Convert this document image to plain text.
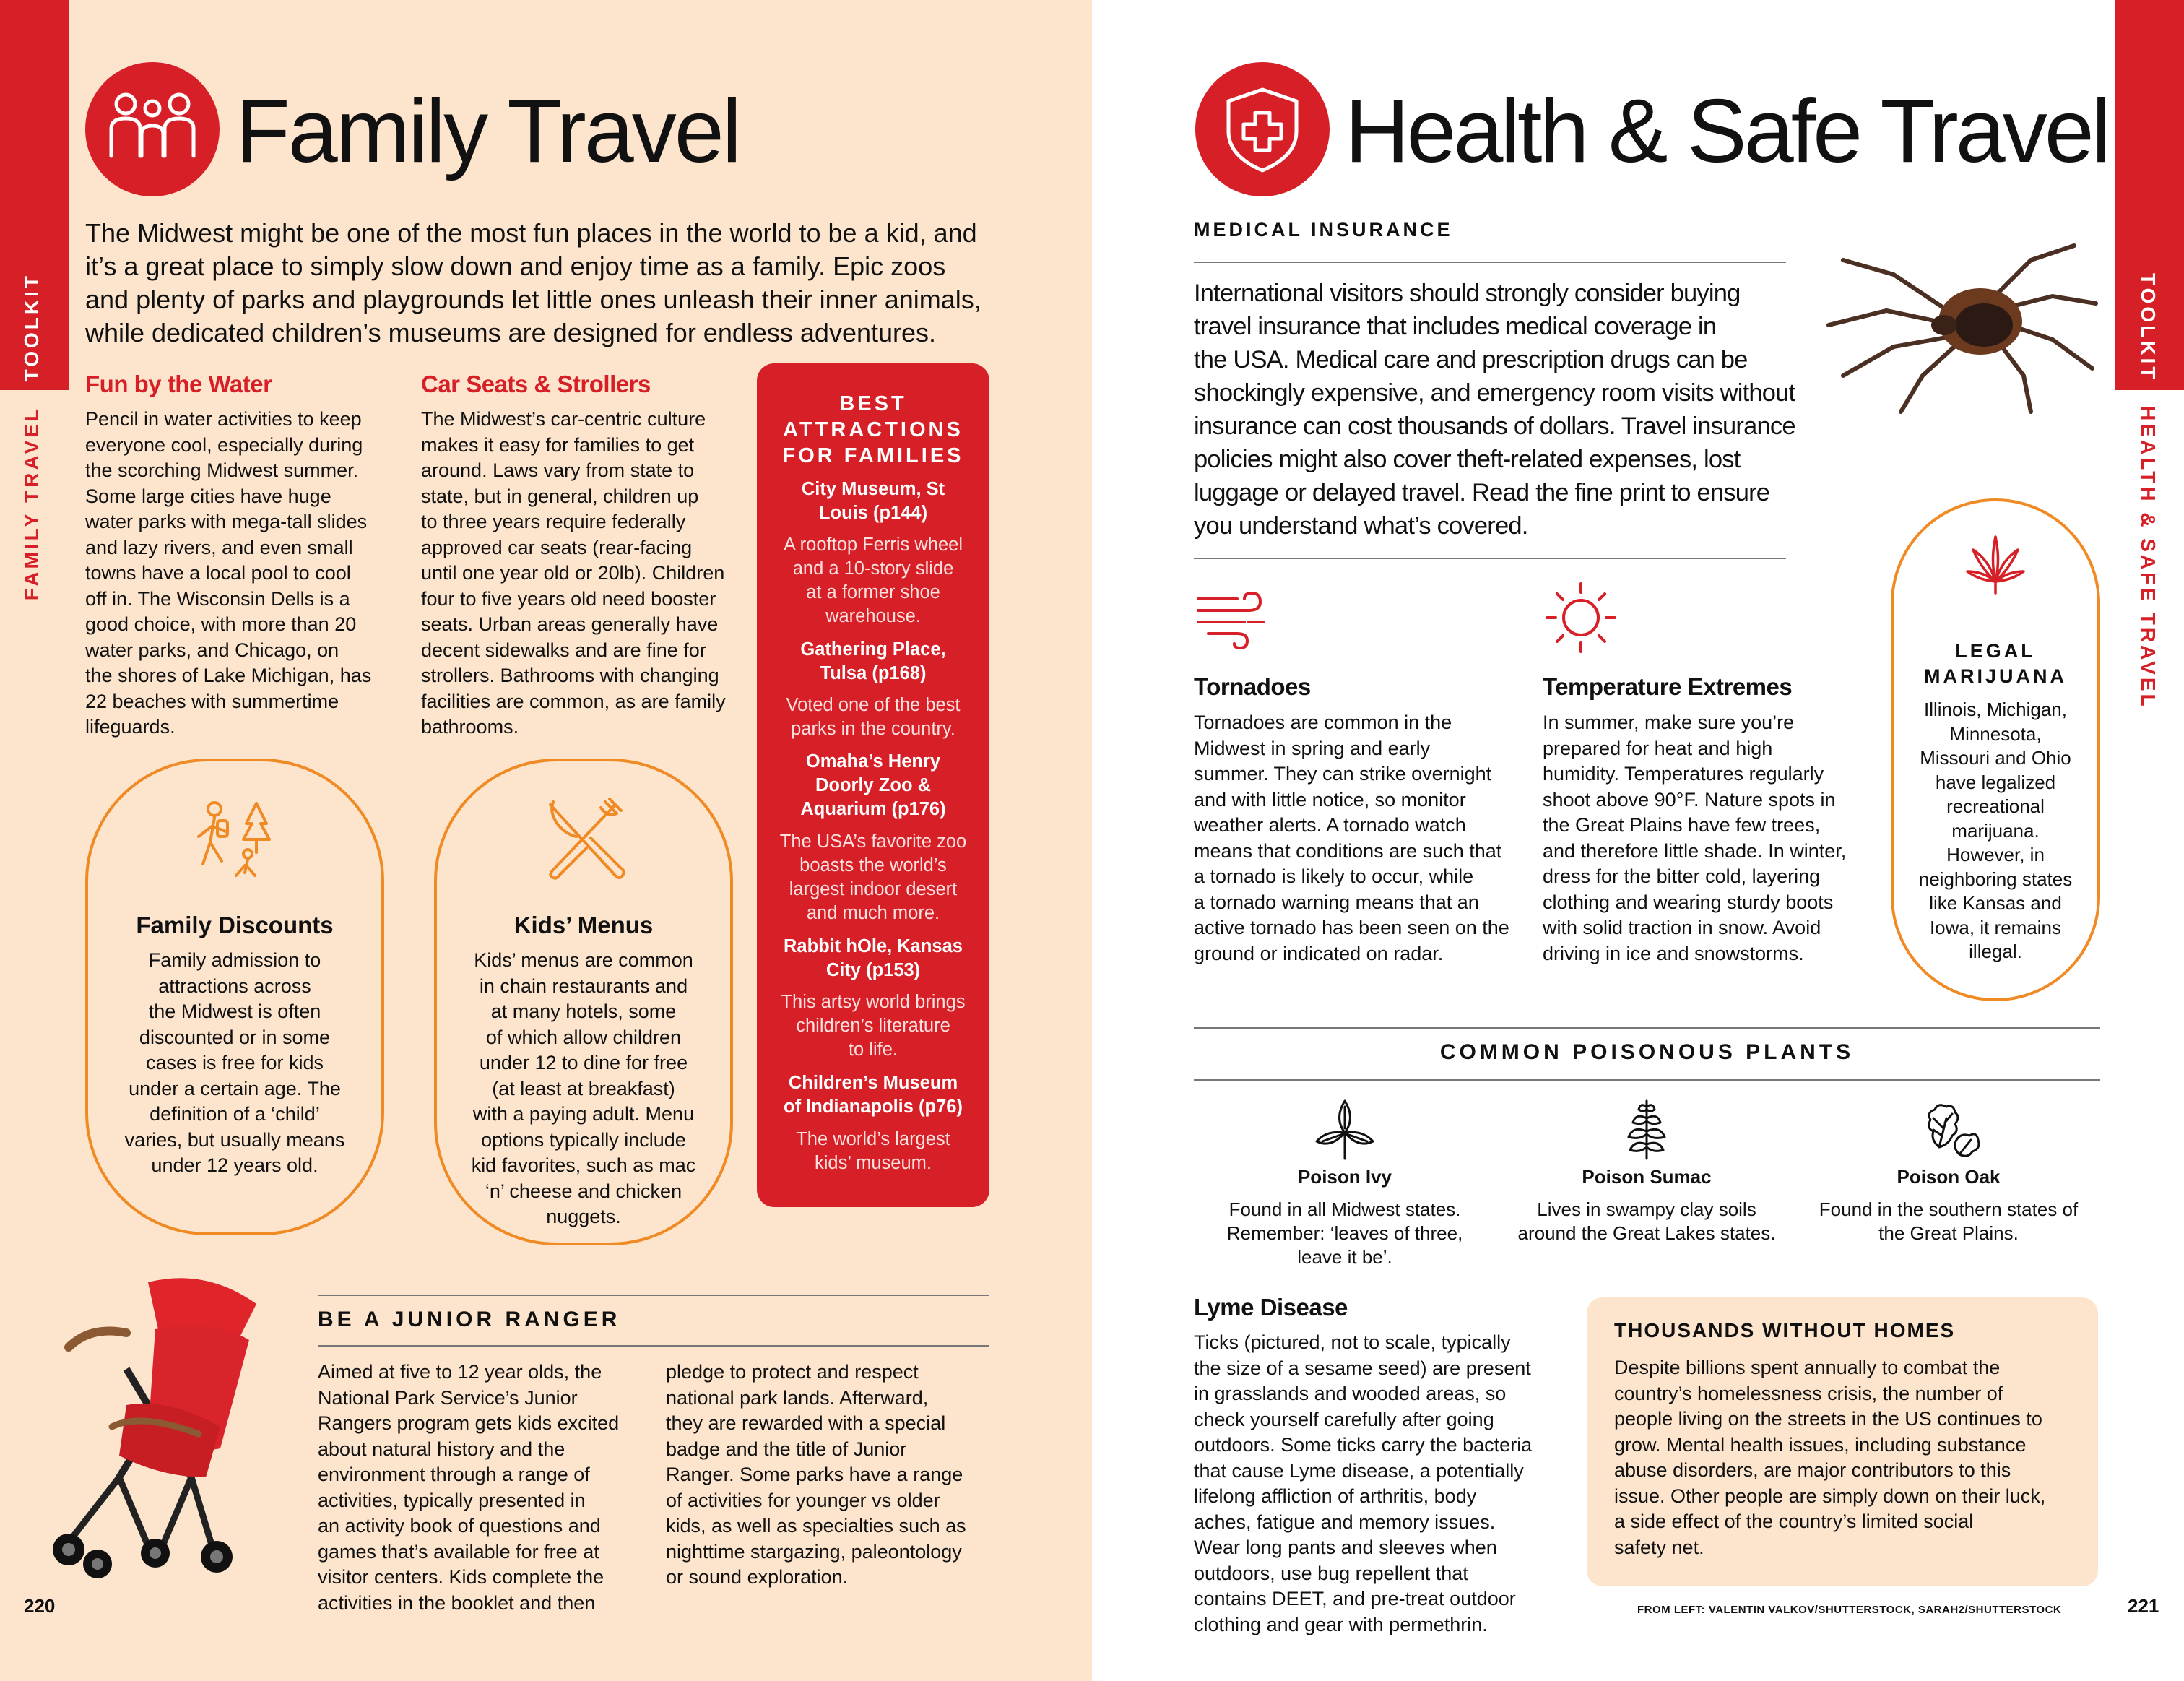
TOOLKIT
FAMILY TRAVEL
Family Travel
The Midwest might be one of the most fun places in the world to be a kid, and
it’s a great place to simply slow down and enjoy time as a family. Epic zoos
and plenty of parks and playgrounds let little ones unleash their inner animals,
while dedicated children’s museums are designed for endless adventures.
Fun by the Water
Pencil in water activities to keep
everyone cool, especially during
the scorching Midwest summer.
Some large cities have huge
water parks with mega-tall slides
and lazy rivers, and even small
towns have a local pool to cool
off in. The Wisconsin Dells is a
good choice, with more than 20
water parks, and Chicago, on
the shores of Lake Michigan, has
22 beaches with summertime
lifeguards.
Car Seats & Strollers
The Midwest’s car-centric culture
makes it easy for families to get
around. Laws vary from state to
state, but in general, children up
to three years require federally
approved car seats (rear-facing
until one year old or 20lb). Children
four to five years old need booster
seats. Urban areas generally have
decent sidewalks and are fine for
strollers. Bathrooms with changing
facilities are common, as are family
bathrooms.
BEST
ATTRACTIONS
FOR FAMILIES
City Museum, St
Louis (p144)
A rooftop Ferris wheel
and a 10-story slide
at a former shoe
warehouse.
Gathering Place,
Tulsa (p168)
Voted one of the best
parks in the country.
Omaha’s Henry
Doorly Zoo &
Aquarium (p176)
The USA’s favorite zoo
boasts the world’s
largest indoor desert
and much more.
Rabbit hOle, Kansas
City (p153)
This artsy world brings
children’s literature
to life.
Children’s Museum
of Indianapolis (p76)
The world’s largest
kids’ museum.
Family Discounts
Family admission to
attractions across
the Midwest is often
discounted or in some
cases is free for kids
under a certain age. The
definition of a ‘child’
varies, but usually means
under 12 years old.
Kids’ Menus
Kids’ menus are common
in chain restaurants and
at many hotels, some
of which allow children
under 12 to dine for free
(at least at breakfast)
with a paying adult. Menu
options typically include
kid favorites, such as mac
‘n’ cheese and chicken
nuggets.
BE A JUNIOR RANGER
Aimed at five to 12 year olds, the
National Park Service’s Junior
Rangers program gets kids excited
about natural history and the
environment through a range of
activities, typically presented in
an activity book of questions and
games that’s available for free at
visitor centers. Kids complete the
activities in the booklet and then
pledge to protect and respect
national park lands. Afterward,
they are rewarded with a special
badge and the title of Junior
Ranger. Some parks have a range
of activities for younger vs older
kids, as well as specialties such as
nighttime stargazing, paleontology
or sound exploration.
220
TOOLKIT
HEALTH & SAFE TRAVEL
Health & Safe Travel
MEDICAL INSURANCE
International visitors should strongly consider buying
travel insurance that includes medical coverage in
the USA. Medical care and prescription drugs can be
shockingly expensive, and emergency room visits without
insurance can cost thousands of dollars. Travel insurance
policies might also cover theft-related expenses, lost
luggage or delayed travel. Read the fine print to ensure
you understand what’s covered.
Tornadoes
Tornadoes are common in the
Midwest in spring and early
summer. They can strike overnight
and with little notice, so monitor
weather alerts. A tornado watch
means that conditions are such that
a tornado is likely to occur, while
a tornado warning means that an
active tornado has been seen on the
ground or indicated on radar.
Temperature Extremes
In summer, make sure you’re
prepared for heat and high
humidity. Temperatures regularly
shoot above 90°F. Nature spots in
the Great Plains have few trees,
and therefore little shade. In winter,
dress for the bitter cold, layering
clothing and wearing sturdy boots
with solid traction in snow. Avoid
driving in ice and snowstorms.
LEGAL
MARIJUANA
Illinois, Michigan,
Minnesota,
Missouri and Ohio
have legalized
recreational
marijuana.
However, in
neighboring states
like Kansas and
Iowa, it remains
illegal.
COMMON POISONOUS PLANTS
Poison Ivy
Found in all Midwest states.
Remember: ‘leaves of three,
leave it be’.
Poison Sumac
Lives in swampy clay soils
around the Great Lakes states.
Poison Oak
Found in the southern states of
the Great Plains.
Lyme Disease
Ticks (pictured, not to scale, typically
the size of a sesame seed) are present
in grasslands and wooded areas, so
check yourself carefully after going
outdoors. Some ticks carry the bacteria
that cause Lyme disease, a potentially
lifelong affliction of arthritis, body
aches, fatigue and memory issues.
Wear long pants and sleeves when
outdoors, use bug repellent that
contains DEET, and pre-treat outdoor
clothing and gear with permethrin.
FROM LEFT: VALENTIN VALKOV/SHUTTERSTOCK, SARAH2/SHUTTERSTOCK	221
THOUSANDS WITHOUT HOMES
Despite billions spent annually to combat the
country’s homelessness crisis, the number of
people living on the streets in the US continues to
grow. Mental health issues, including substance
abuse disorders, are major contributors to this
issue. Other people are simply down on their luck,
a side effect of the country’s limited social
safety net.
